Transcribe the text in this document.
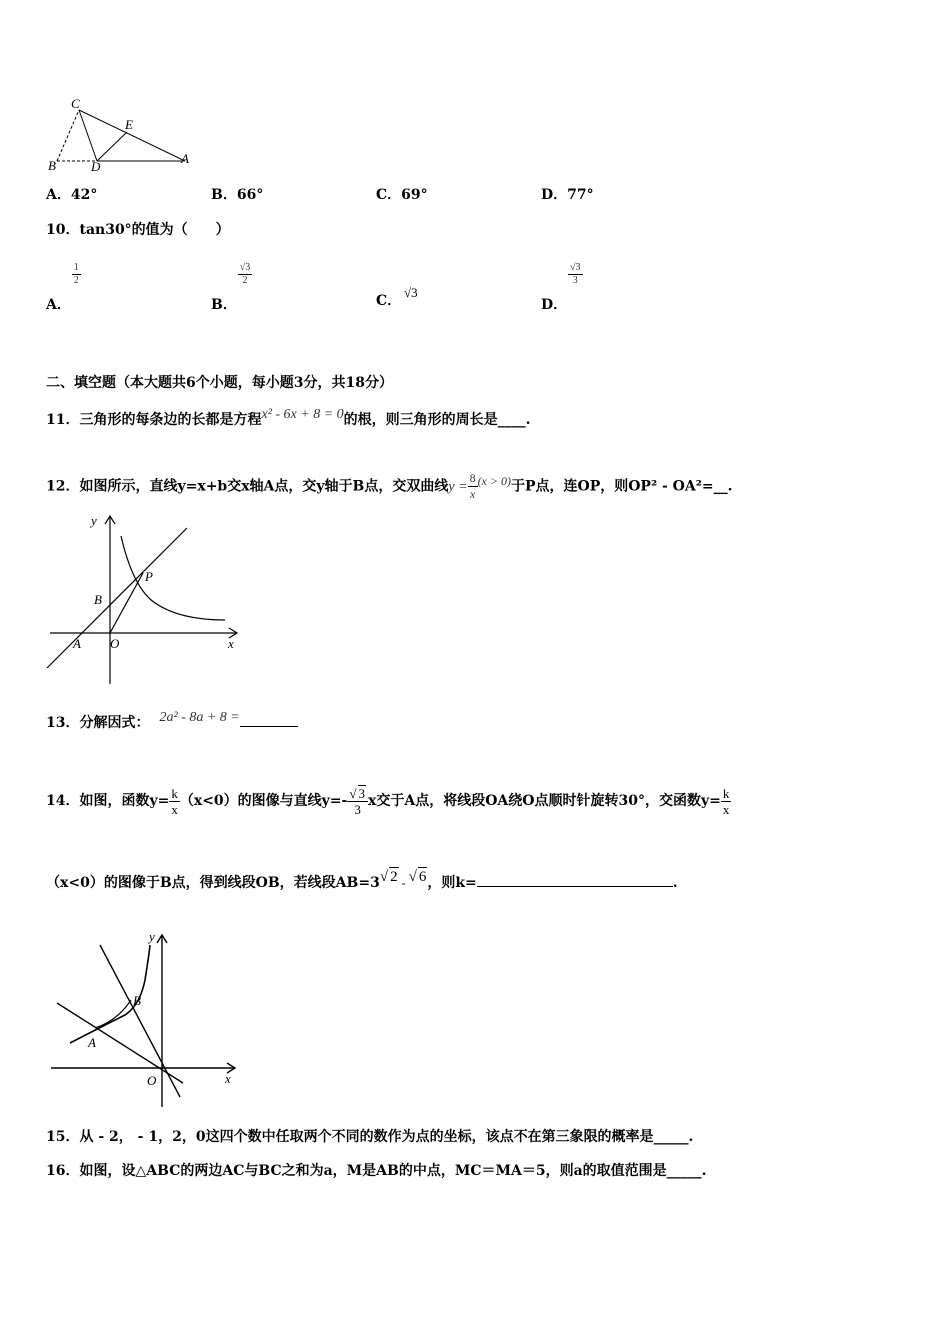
C
E
B	D
A
A．42°	B．66°	C．69°	D．77°
10．tan30°的值为（　　）
A．
$\frac{1}{2}$
B．
$\frac{√3}{2}$
C． √3
D．
$\frac{√3}{3}$
二、填空题（本大题共6个小题，每小题3分，共18分）
11．三角形的每条边的长都是方程x² - 6x + 8 = 0的根，则三角形的周长是____.
12．如图所示，直线y=x+b交x轴A点，交y轴于B点，交双曲线$y = \frac{8}{x} (x > 0)$于P点，连OP，则OP² - OA²=__.
y
P
B
A O	x
13．分解因式： 2a² - 8a + 8 =
14．如图，函数$y= \frac{k}{x} (x<0)$的图像与直线$y=- \frac{√ 3}{3}$ x交于A点，将线段OA绕O点顺时针旋转30°，交函数$y= \frac{k}{x}$
（x<0）的图像于B点，得到线段OB，若线段AB=3√ 2 - √ 6，则k=	.
y
B
A
O	x
15．从 - 2， - 1，2，0这四个数中任取两个不同的数作为点的坐标，该点不在第三象限的概率是_____.
16．如图，设△ABC的两边AC与BC之和为a，M是AB的中点，MC＝MA＝5，则a的取值范围是_____.
